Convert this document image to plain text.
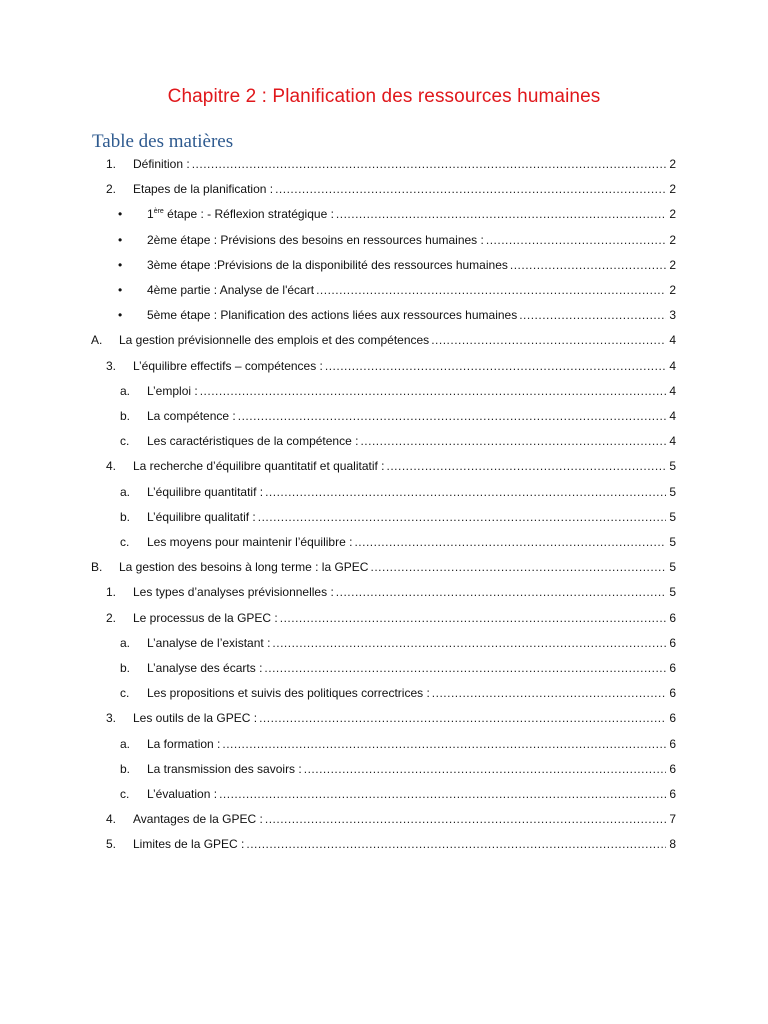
Chapitre 2 : Planification des ressources humaines
Table des matières
1. Définition : .....	2
2. Etapes de la planification : .....	2
• 1ère étape : - Réflexion stratégique : .....	2
• 2ème étape : Prévisions des besoins en ressources humaines : .....	2
• 3ème étape :Prévisions de la disponibilité des ressources humaines .....	2
• 4ème partie : Analyse de l'écart .....	2
• 5ème étape : Planification des actions liées aux ressources humaines .....	3
A. La gestion prévisionnelle des emplois et des compétences .....	4
3. L’équilibre effectifs – compétences : .....	4
a. L’emploi : .....	4
b. La compétence : .....	4
c. Les caractéristiques de la compétence : .....	4
4. La recherche d’équilibre quantitatif et qualitatif : .....	5
a. L’équilibre quantitatif : .....	5
b. L’équilibre qualitatif : .....	5
c. Les moyens pour maintenir l’équilibre : .....	5
B. La gestion des besoins à long terme : la GPEC .....	5
1. Les types d’analyses prévisionnelles : .....	5
2. Le processus de la GPEC : .....	6
a. L’analyse de l’existant : .....	6
b. L’analyse des écarts : .....	6
c. Les propositions et suivis des politiques correctrices : .....	6
3. Les outils de la GPEC : .....	6
a. La formation : .....	6
b. La transmission des savoirs : .....	6
c. L’évaluation : .....	6
4. Avantages de la GPEC : .....	7
5. Limites de la GPEC : .....	8
